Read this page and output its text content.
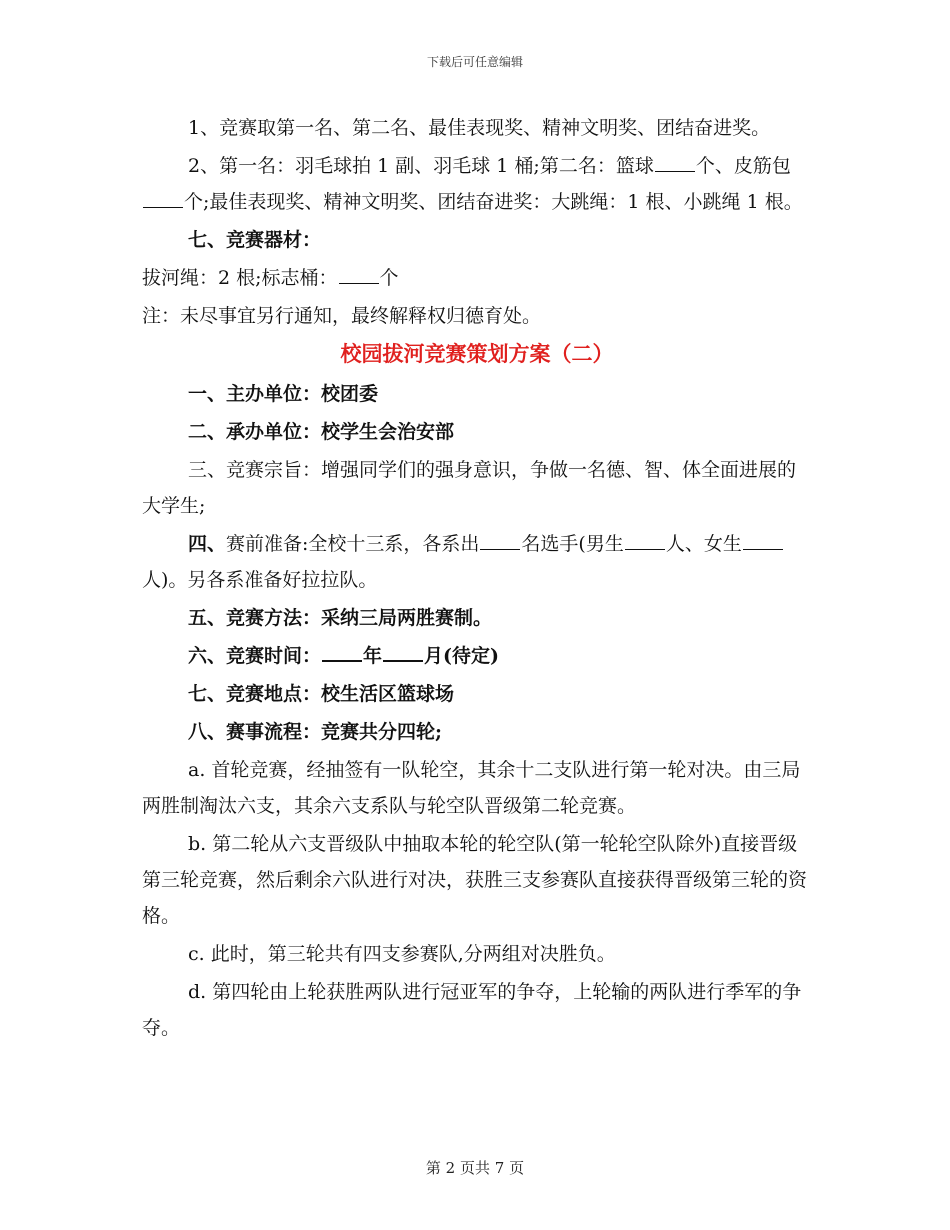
下载后可任意编辑

1、竞赛取第一名、第二名、最佳表现奖、精神文明奖、团结奋进奖。

2、第一名：羽毛球拍 1 副、羽毛球 1 桶;第二名：篮球 个、皮筋包个;最佳表现奖、精神文明奖、团结奋进奖：大跳绳：1 根、小跳绳 1 根。

七、竞赛器材：

拔河绳：2 根;标志桶： 个

注：未尽事宜另行通知，最终解释权归德育处。

校园拔河竞赛策划方案（二）

一、主办单位：校团委

二、承办单位：校学生会治安部

三、竞赛宗旨：增强同学们的强身意识，争做一名德、智、体全面进展的大学生;

四、赛前准备:全校十三系，各系出 名选手(男生 人、女生人)。另各系准备好拉拉队。

五、竞赛方法：采纳三局两胜赛制。

六、竞赛时间： 年 月(待定)

七、竞赛地点：校生活区篮球场

八、赛事流程：竞赛共分四轮;

a. 首轮竞赛，经抽签有一队轮空，其余十二支队进行第一轮对决。由三局两胜制淘汰六支，其余六支系队与轮空队晋级第二轮竞赛。

b. 第二轮从六支晋级队中抽取本轮的轮空队(第一轮轮空队除外)直接晋级第三轮竞赛，然后剩余六队进行对决，获胜三支参赛队直接获得晋级第三轮的资格。

c. 此时，第三轮共有四支参赛队,分两组对决胜负。

d. 第四轮由上轮获胜两队进行冠亚军的争夺，上轮输的两队进行季军的争夺。

第 2 页共 7 页
